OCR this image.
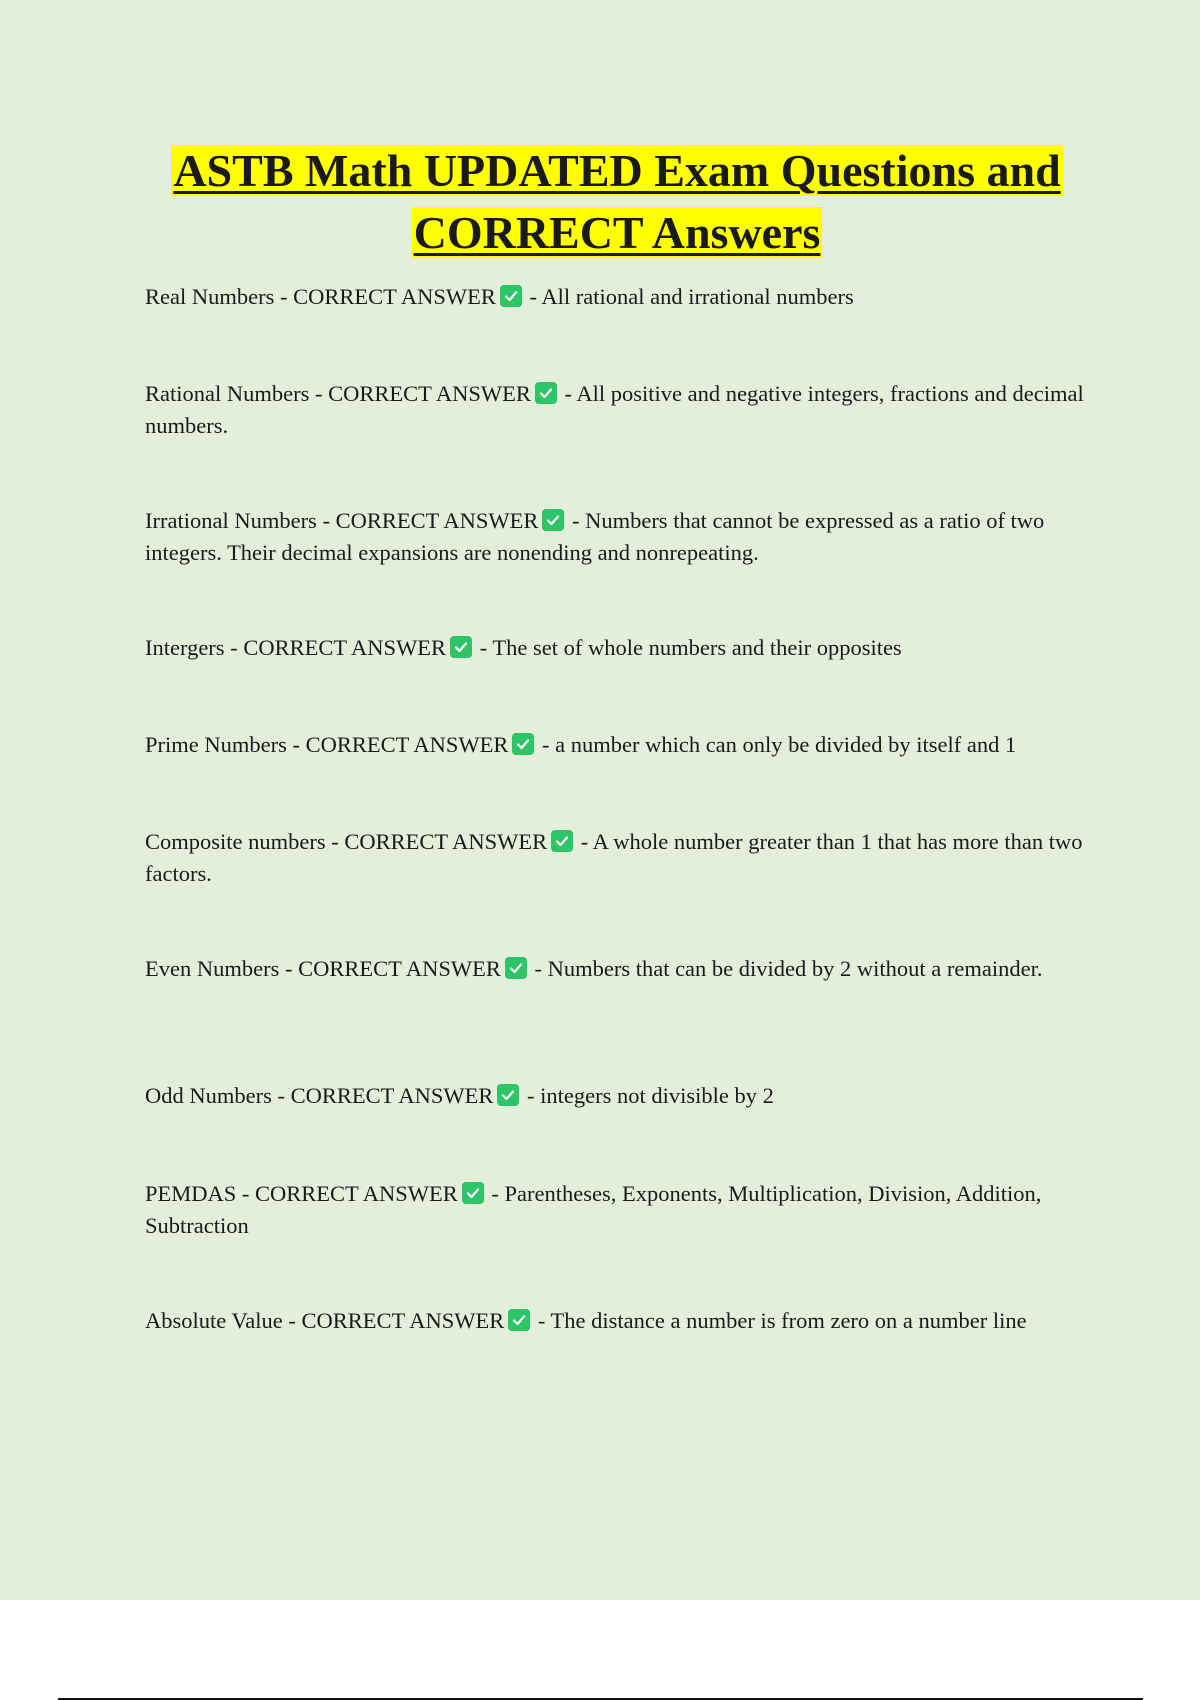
ASTB Math UPDATED Exam Questions and
CORRECT Answers
Real Numbers - CORRECT ANSWER
- All rational and irrational numbers
Rational Numbers - CORRECT ANSWER
- All positive and negative integers, fractions and decimal numbers.
Irrational Numbers - CORRECT ANSWER
- Numbers that cannot be expressed as a ratio of two integers. Their decimal expansions are nonending and nonrepeating.
Intergers - CORRECT ANSWER
- The set of whole numbers and their opposites
Prime Numbers - CORRECT ANSWER
- a number which can only be divided by itself and 1
Composite numbers - CORRECT ANSWER
- A whole number greater than 1 that has more than two factors.
Even Numbers - CORRECT ANSWER
- Numbers that can be divided by 2 without a remainder.
Odd Numbers - CORRECT ANSWER
- integers not divisible by 2
PEMDAS - CORRECT ANSWER
- Parentheses, Exponents, Multiplication, Division, Addition, Subtraction
Absolute Value - CORRECT ANSWER
- The distance a number is from zero on a number line
